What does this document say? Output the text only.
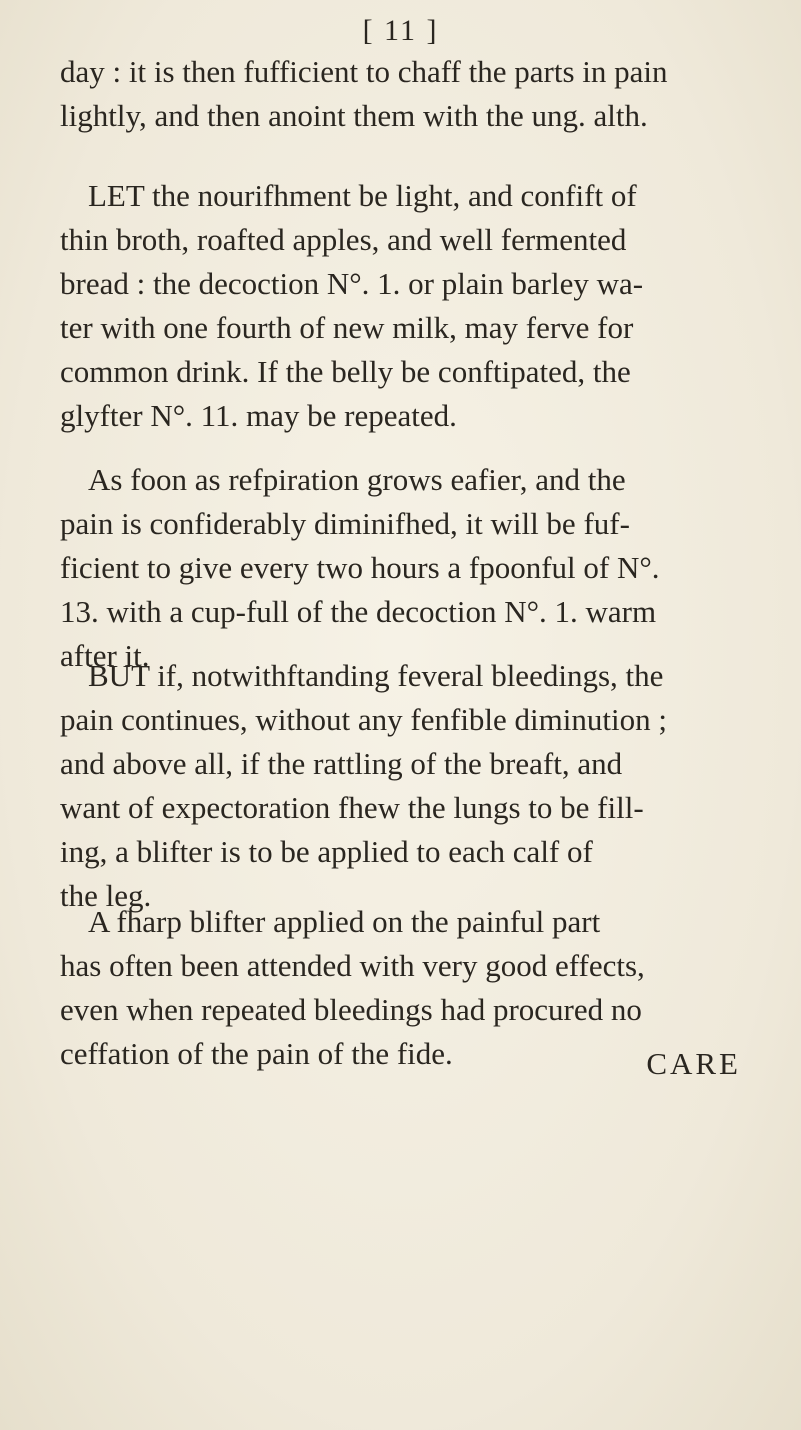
[ 11 ]
day : it is then fufficient to chaff the parts in pain
lightly, and then anoint them with the ung. alth.
LET the nourifhment be light, and confift of
thin broth, roafted apples, and well fermented
bread : the decoction N°. 1. or plain barley wa-
ter with one fourth of new milk, may ferve for
common drink. If the belly be conftipated, the
glyfter N°. 11. may be repeated.
As foon as refpiration grows eafier, and the
pain is confiderably diminifhed, it will be fuf-
ficient to give every two hours a fpoonful of N°.
13. with a cup-full of the decoction N°. 1. warm
after it.
BUT if, notwithftanding feveral bleedings, the
pain continues, without any fenfible diminution ;
and above all, if the rattling of the breaft, and
want of expectoration fhew the lungs to be fill-
ing, a blifter is to be applied to each calf of
the leg.
A fharp blifter applied on the painful part
has often been attended with very good effects,
even when repeated bleedings had procured no
ceffation of the pain of the fide.	CARE
